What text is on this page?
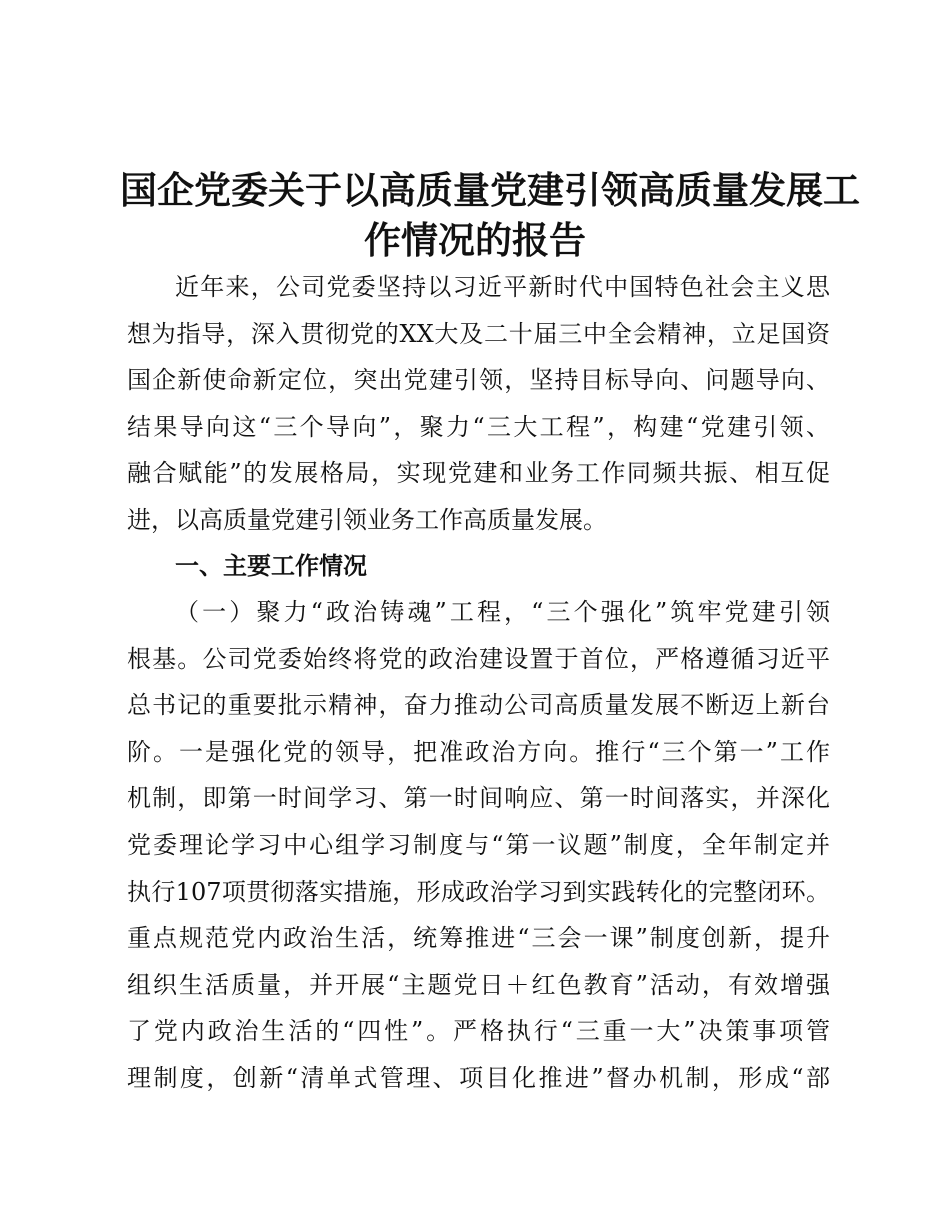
国企党委关于以高质量党建引领高质量发展工
作情况的报告
近年来，公司党委坚持以习近平新时代中国特色社会主义思
想为指导，深入贯彻党的XX大及二十届三中全会精神，立足国资
国企新使命新定位，突出党建引领，坚持目标导向、问题导向、
结果导向这“三个导向”，聚力“三大工程”，构建“党建引领、
融合赋能”的发展格局，实现党建和业务工作同频共振、相互促
进，以高质量党建引领业务工作高质量发展。
一、主要工作情况
（一）聚力“政治铸魂”工程，“三个强化”筑牢党建引领
根基。公司党委始终将党的政治建设置于首位，严格遵循习近平
总书记的重要批示精神，奋力推动公司高质量发展不断迈上新台
阶。一是强化党的领导，把准政治方向。推行“三个第一”工作
机制，即第一时间学习、第一时间响应、第一时间落实，并深化
党委理论学习中心组学习制度与“第一议题”制度，全年制定并
执行107项贯彻落实措施，形成政治学习到实践转化的完整闭环。
重点规范党内政治生活，统筹推进“三会一课”制度创新，提升
组织生活质量，并开展“主题党日＋红色教育”活动，有效增强
了党内政治生活的“四性”。严格执行“三重一大”决策事项管
理制度，创新“清单式管理、项目化推进”督办机制，形成“部
